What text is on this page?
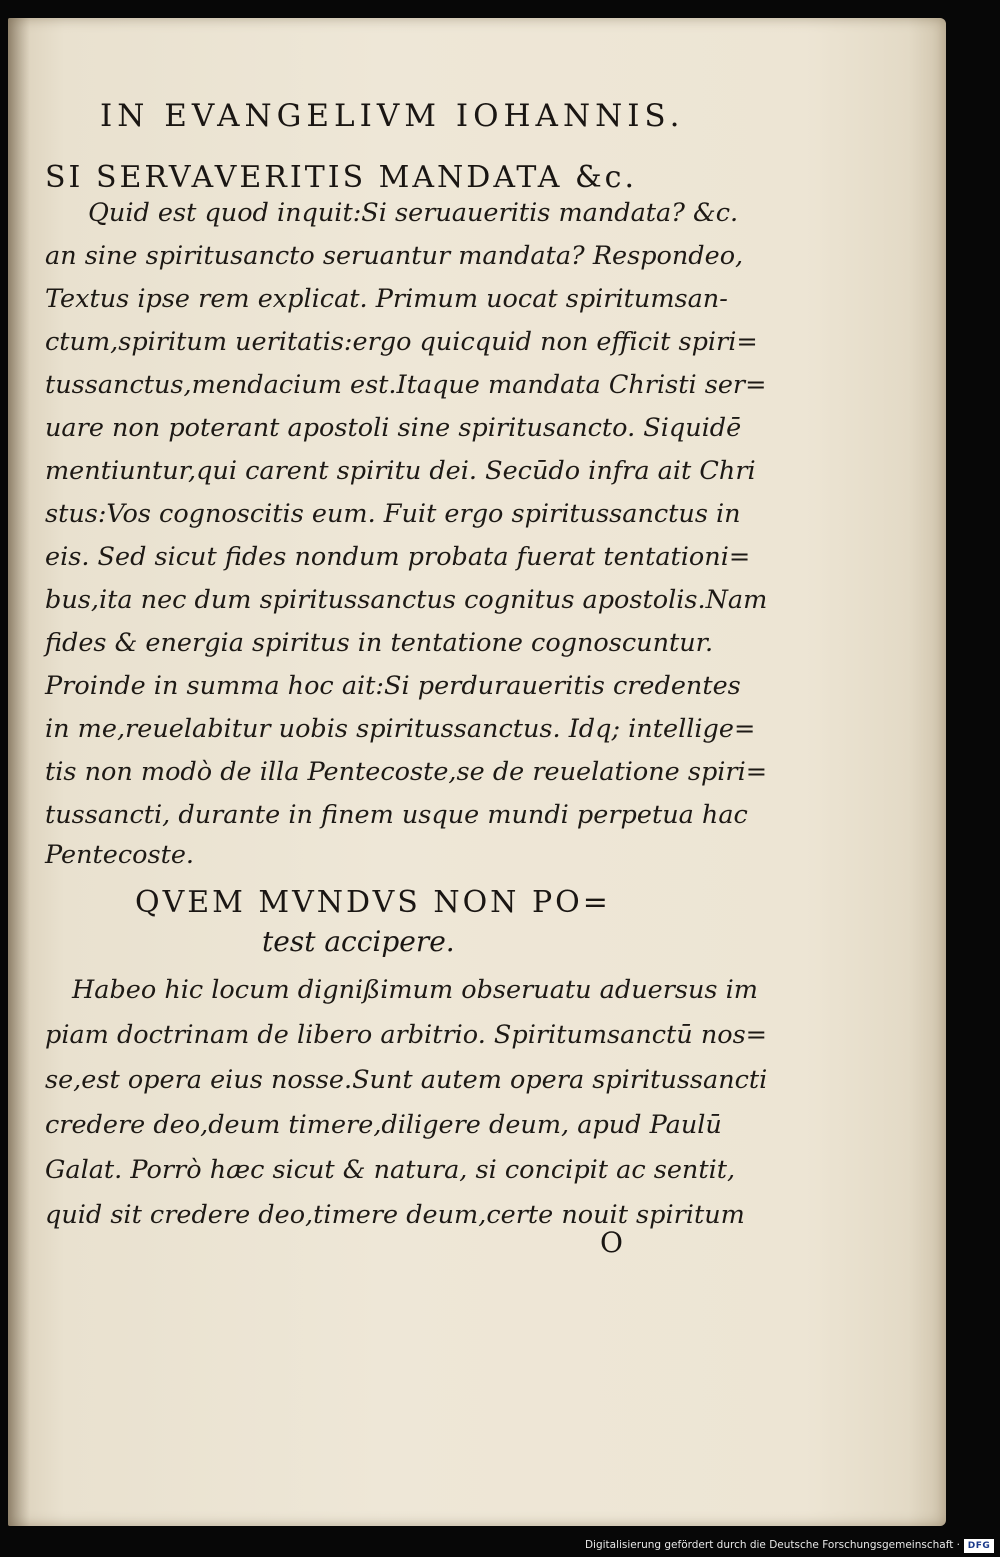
IN EVANGELIVM IOHANNIS.
SI SERVAVERITIS MANDATA &c.
Quid est quod inquit:Si seruaueritis mandata? &c.
an sine spiritusancto seruantur mandata? Respondeo,
Textus ipse rem explicat. Primum uocat spiritumsan-
ctum,spiritum ueritatis:ergo quicquid non efficit spiri=
tussanctus,mendacium est.Itaque mandata Christi ser=
uare non poterant apostoli sine spiritusancto. Siquidē
mentiuntur,qui carent spiritu dei. Secūdo infra ait Chri
stus:Vos cognoscitis eum. Fuit ergo spiritussanctus in
eis. Sed sicut fides nondum probata fuerat tentationi=
bus,ita nec dum spiritussanctus cognitus apostolis.Nam
fides & energia spiritus in tentatione cognoscuntur.
Proinde in summa hoc ait:Si perduraueritis credentes
in me,reuelabitur uobis spiritussanctus. Idq; intellige=
tis non modò de illa Pentecoste,se de reuelatione spiri=
tussancti, durante in finem usque mundi perpetua hac
Pentecoste.
QVEM MVNDVS NON PO=
test accipere.
Habeo hic locum dignißimum obseruatu aduersus im
piam doctrinam de libero arbitrio. Spiritumsanctū nos=
se,est opera eius nosse.Sunt autem opera spiritussancti
credere deo,deum timere,diligere deum, apud Paulū
Galat. Porrò hæc sicut & natura, si concipit ac sentit,
quid sit credere deo,timere deum,certe nouit spiritum
O
Digitalisierung gefördert durch die Deutsche Forschungsgemeinschaft · DFG
